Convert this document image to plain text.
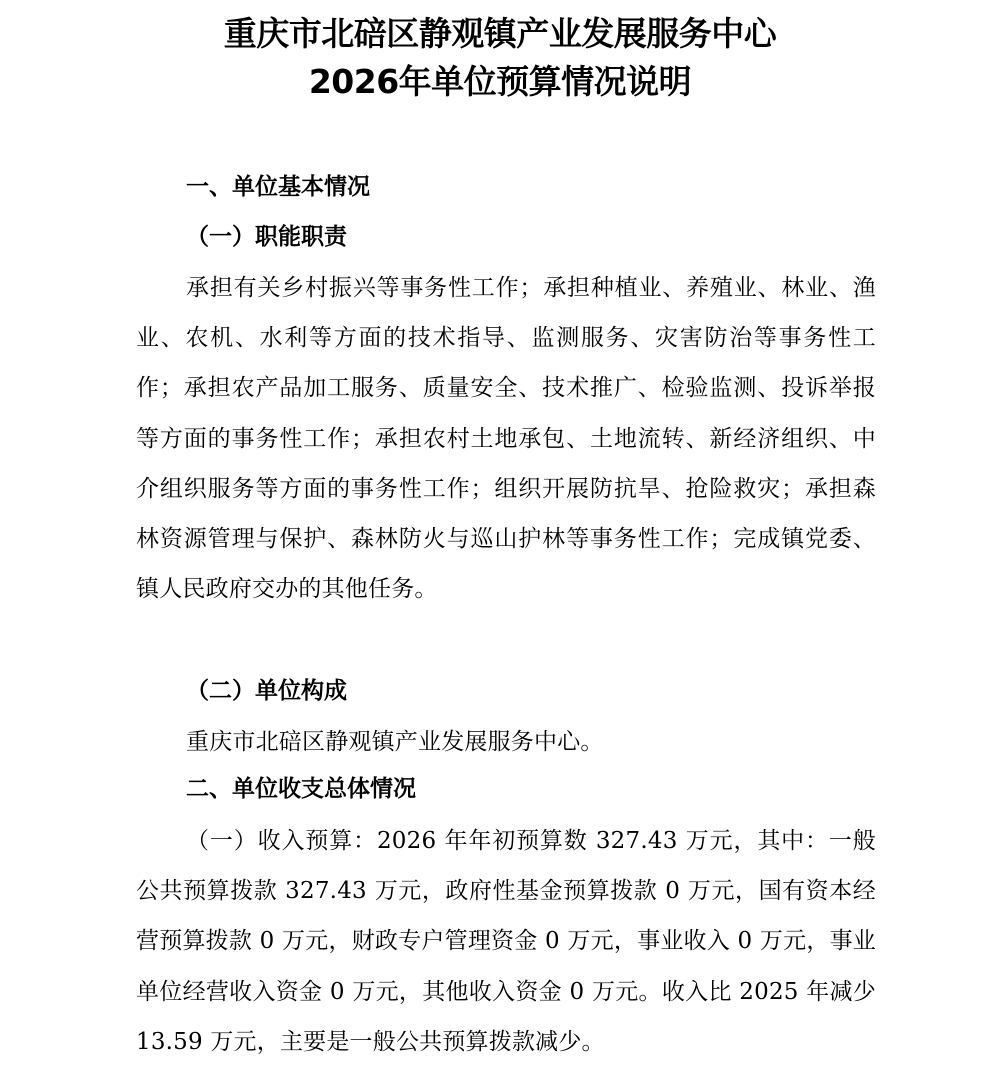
重庆市北碚区静观镇产业发展服务中心
2026年单位预算情况说明
一、单位基本情况
（一）职能职责

承担有关乡村振兴等事务性工作；承担种植业、养殖业、林业、渔业、农机、水利等方面的技术指导、监测服务、灾害防治等事务性工作；承担农产品加工服务、质量安全、技术推广、检验监测、投诉举报等方面的事务性工作；承担农村土地承包、土地流转、新经济组织、中介组织服务等方面的事务性工作；组织开展防抗旱、抢险救灾；承担森林资源管理与保护、森林防火与巡山护林等事务性工作；完成镇党委、镇人民政府交办的其他任务。

（二）单位构成

重庆市北碚区静观镇产业发展服务中心。

二、单位收支总体情况

（一）收入预算：2026 年年初预算数 327.43 万元，其中：一般公共预算拨款 327.43 万元，政府性基金预算拨款 0 万元，国有资本经营预算拨款 0 万元，财政专户管理资金 0 万元，事业收入 0 万元，事业单位经营收入资金 0 万元，其他收入资金 0 万元。收入比 2025 年减少 13.59 万元，主要是一般公共预算拨款减少。
